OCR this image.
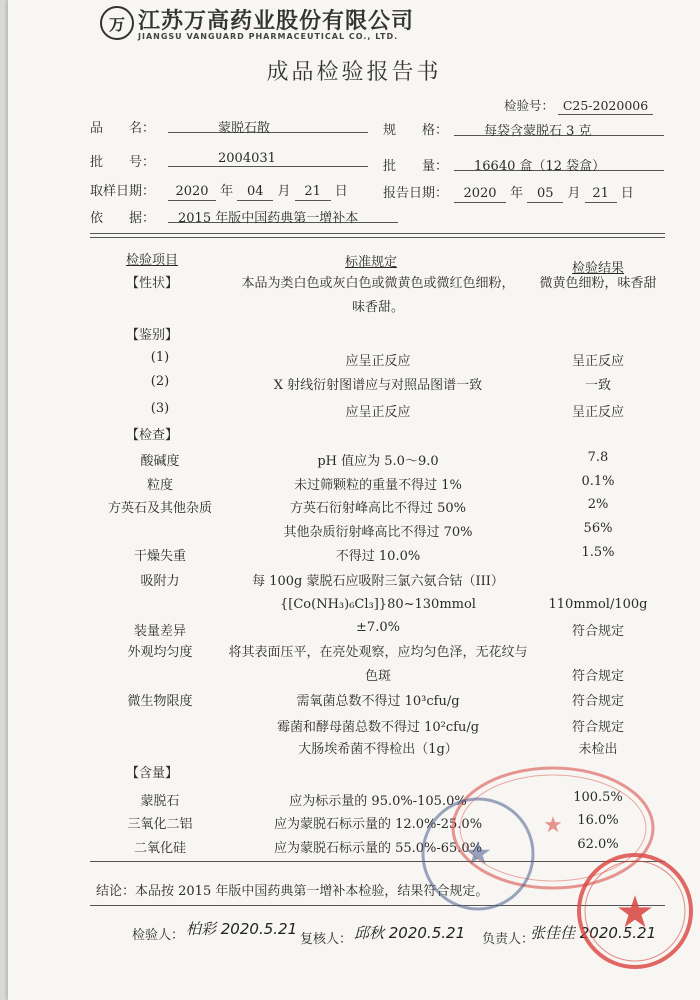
万 江苏万高药业股份有限公司
JIANGSU VANGUARD PHARMACEUTICAL CO., LTD.
成品检验报告书
检验号： C25-2020006
品　　名：	蒙脱石散	规　　格：	每袋含蒙脱石 3 克
批　　号：	2004031
批　　量：	16640 盒（12 袋盒）
取样日期：	2020 年 04 月 21 日	报告日期：	2020 年 05 月 21 日
依　　据：	2015 年版中国药典第一增补本
检验项目	标准规定	检验结果
【性状】	本品为类白色或灰白色或微黄色或微红色细粉，	微黄色细粉，味香甜
味香甜。
【鉴别】
(1)	应呈正反应	呈正反应
(2)	X 射线衍射图谱应与对照品图谱一致	一致
(3)	应呈正反应	呈正反应
【检查】
酸碱度	pH 值应为 5.0～9.0	7.8
粒度	未过筛颗粒的重量不得过 1%	0.1%
方英石及其他杂质	方英石衍射峰高比不得过 50%	2%
其他杂质衍射峰高比不得过 70%	56%
干燥失重	不得过 10.0%	1.5%
吸附力	每 100g 蒙脱石应吸附三氯六氨合钴（III）
{[Co(NH₃)₆Cl₃]}80~130mmol	110mmol/100g
装量差异	±7.0%	符合规定
外观均匀度	将其表面压平，在亮处观察，应均匀色泽，无花纹与
色斑	符合规定
微生物限度	需氧菌总数不得过 10³cfu/g	符合规定
霉菌和酵母菌总数不得过 10²cfu/g	符合规定
大肠埃希菌不得检出（1g）	未检出
【含量】
蒙脱石	应为标示量的 95.0%-105.0%	100.5%
三氧化二铝	应为蒙脱石标示量的 12.0%-25.0%	16.0%
二氧化硅	应为蒙脱石标示量的 55.0%-65.0%	62.0%
结论：本品按 2015 年版中国药典第一增补本检验，结果符合规定。
检验人： 柏彩 2020.5.21
复核人： 邱秋 2020.5.21 负责人：
张佳佳 2020.5.21
★
★
★
